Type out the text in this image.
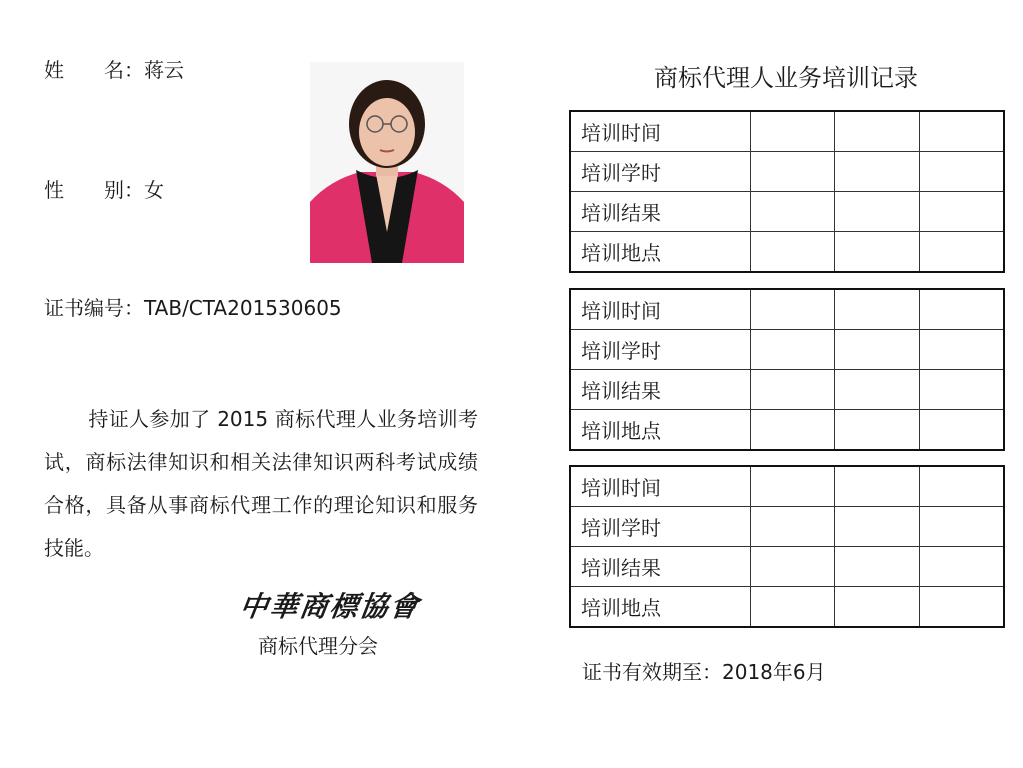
姓　　名：蒋云
性　　别：女
证书编号：TAB/CTA201530605
持证人参加了 2015 商标代理人业务培训考试，商标法律知识和相关法律知识两科考试成绩合格，具备从事商标代理工作的理论知识和服务技能。
中華商標協會
商标代理分会
商标代理人业务培训记录
培训时间			
培训学时			
培训结果			
培训地点			
培训时间			
培训学时			
培训结果			
培训地点			
培训时间			
培训学时			
培训结果			
培训地点			
证书有效期至：2018年6月
